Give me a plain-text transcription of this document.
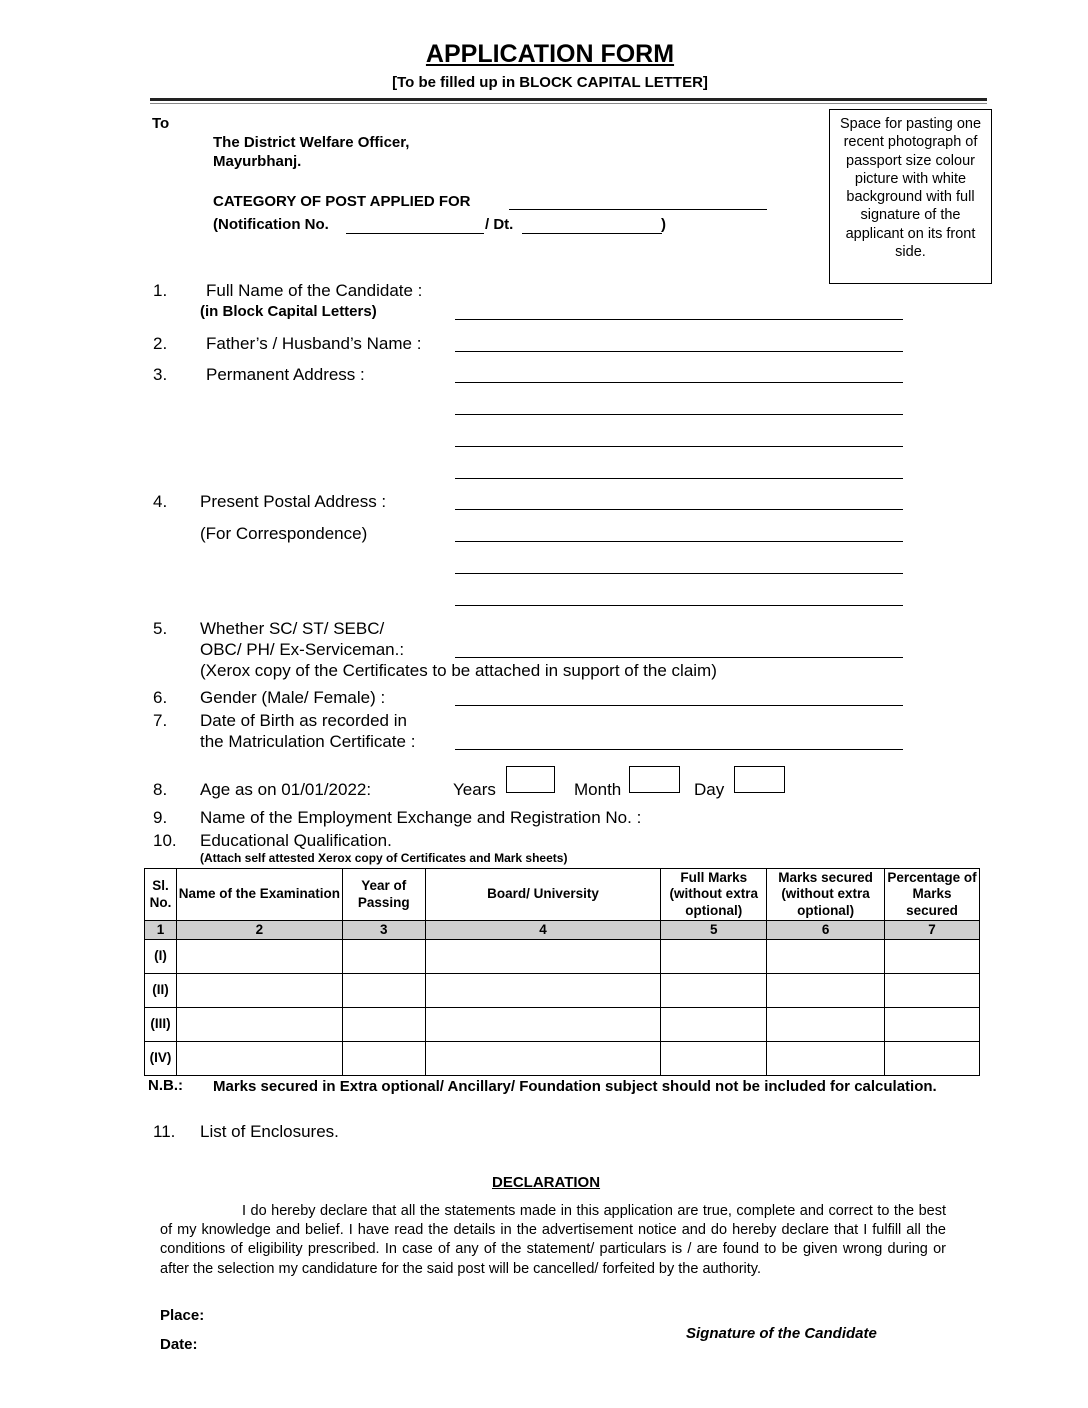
APPLICATION FORM
[To be filled up in BLOCK CAPITAL LETTER]
To
The District Welfare Officer,
Mayurbhanj.
CATEGORY OF POST APPLIED FOR
(Notification No.	/ Dt.	)
Space for pasting one recent photograph of passport size colour picture with white background with full signature of the applicant on its front side.
1. Full Name of the Candidate :
(in Block Capital Letters)
2. Father’s / Husband’s Name :
3. Permanent Address :
4. Present Postal Address :
(For Correspondence)
5. Whether SC/ ST/ SEBC/
OBC/ PH/ Ex-Serviceman.:
(Xerox copy of the Certificates to be attached in support of the claim)
6. Gender (Male/ Female) :
7. Date of Birth as recorded in
the Matriculation Certificate :
8. Age as on 01/01/2022:	Years	Month	Day
9. Name of the Employment Exchange and Registration No. :
10. Educational Qualification.
(Attach self attested Xerox copy of Certificates and Mark sheets)
Sl. No.	Name of the Examination	Year of Passing	Board/ University	Full Marks (without extra optional)	Marks secured (without extra optional)	Percentage of Marks secured
1	2	3	4	5	6	7
(I)						
(II)						
(III)						
(IV)						
N.B.: Marks secured in Extra optional/ Ancillary/ Foundation subject should not be included for calculation.
11. List of Enclosures.
DECLARATION
I do hereby declare that all the statements made in this application are true, complete and correct to the best of my knowledge and belief. I have read the details in the advertisement notice and do hereby declare that I fulfill all the conditions of eligibility prescribed. In case of any of the statement/ particulars is / are found to be given wrong during or after the selection my candidature for the said post will be cancelled/ forfeited by the authority.
Place:
Date:
Signature of the Candidate
